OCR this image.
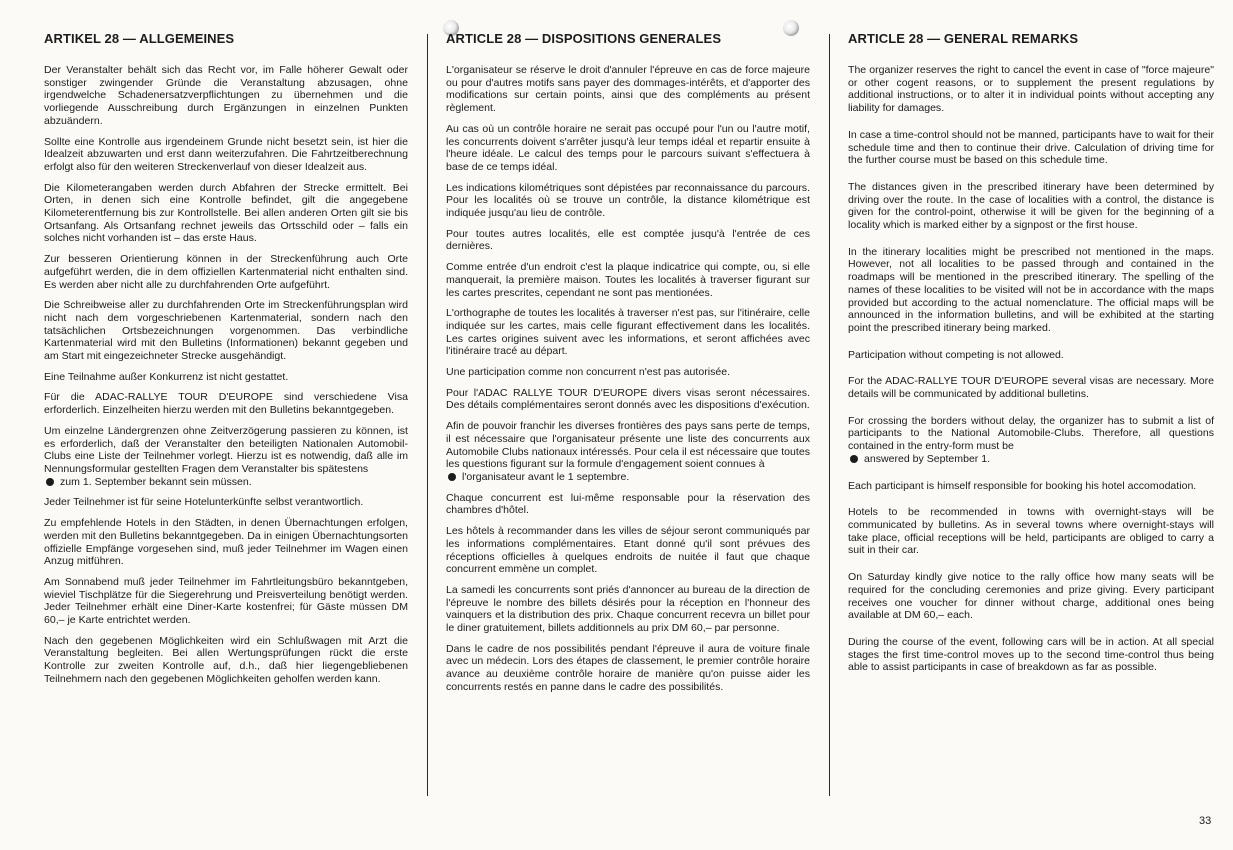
ARTIKEL 28 — ALLGEMEINES

Der Veranstalter behält sich das Recht vor, im Falle höherer Gewalt oder sonstiger zwingender Gründe die Veranstaltung abzusagen, ohne irgendwelche Schadenersatzverpflichtungen zu übernehmen und die vorliegende Ausschreibung durch Ergänzungen in einzelnen Punkten abzuändern.

Sollte eine Kontrolle aus irgendeinem Grunde nicht besetzt sein, ist hier die Idealzeit abzuwarten und erst dann weiterzufahren. Die Fahrtzeitberechnung erfolgt also für den weiteren Streckenverlauf von dieser Idealzeit aus.

Die Kilometerangaben werden durch Abfahren der Strecke ermittelt. Bei Orten, in denen sich eine Kontrolle befindet, gilt die angegebene Kilometerentfernung bis zur Kontrollstelle. Bei allen anderen Orten gilt sie bis Ortsanfang. Als Ortsanfang rechnet jeweils das Ortsschild oder – falls ein solches nicht vorhanden ist – das erste Haus.

Zur besseren Orientierung können in der Streckenführung auch Orte aufgeführt werden, die in dem offiziellen Kartenmaterial nicht enthalten sind. Es werden aber nicht alle zu durchfahrenden Orte aufgeführt.

Die Schreibweise aller zu durchfahrenden Orte im Streckenführungsplan wird nicht nach dem vorgeschriebenen Kartenmaterial, sondern nach den tatsächlichen Ortsbezeichnungen vorgenommen. Das verbindliche Kartenmaterial wird mit den Bulletins (Informationen) bekannt gegeben und am Start mit eingezeichneter Strecke ausgehändigt.

Eine Teilnahme außer Konkurrenz ist nicht gestattet.

Für die ADAC-RALLYE TOUR D'EUROPE sind verschiedene Visa erforderlich. Einzelheiten hierzu werden mit den Bulletins bekanntgegeben.

Um einzelne Ländergrenzen ohne Zeitverzögerung passieren zu können, ist es erforderlich, daß der Veranstalter den beteiligten Nationalen Automobil-Clubs eine Liste der Teilnehmer vorlegt. Hierzu ist es notwendig, daß alle im Nennungsformular gestellten Fragen dem Veranstalter bis spätestens
zum 1. September bekannt sein müssen.

Jeder Teilnehmer ist für seine Hotelunterkünfte selbst verantwortlich.

Zu empfehlende Hotels in den Städten, in denen Übernachtungen erfolgen, werden mit den Bulletins bekanntgegeben. Da in einigen Übernachtungsorten offizielle Empfänge vorgesehen sind, muß jeder Teilnehmer im Wagen einen Anzug mitführen.

Am Sonnabend muß jeder Teilnehmer im Fahrtleitungsbüro bekanntgeben, wieviel Tischplätze für die Siegerehrung und Preisverteilung benötigt werden. Jeder Teilnehmer erhält eine Diner-Karte kostenfrei; für Gäste müssen DM 60,– je Karte entrichtet werden.

Nach den gegebenen Möglichkeiten wird ein Schlußwagen mit Arzt die Veranstaltung begleiten. Bei allen Wertungsprüfungen rückt die erste Kontrolle zur zweiten Kontrolle auf, d.h., daß hier liegengebliebenen Teilnehmern nach den gegebenen Möglichkeiten geholfen werden kann.

ARTICLE 28 — DISPOSITIONS GENERALES

L'organisateur se réserve le droit d'annuler l'épreuve en cas de force majeure ou pour d'autres motifs sans payer des dommages-intérêts, et d'apporter des modifications sur certain points, ainsi que des compléments au présent règlement.

Au cas où un contrôle horaire ne serait pas occupé pour l'un ou l'autre motif, les concurrents doivent s'arrêter jusqu'à leur temps idéal et repartir ensuite à l'heure idéale. Le calcul des temps pour le parcours suivant s'effectuera à base de ce temps idéal.

Les indications kilométriques sont dépistées par reconnaissance du parcours. Pour les localités où se trouve un contrôle, la distance kilométrique est indiquée jusqu'au lieu de contrôle.

Pour toutes autres localités, elle est comptée jusqu'à l'entrée de ces dernières.

Comme entrée d'un endroit c'est la plaque indicatrice qui compte, ou, si elle manquerait, la première maison. Toutes les localités à traverser figurant sur les cartes prescrites, cependant ne sont pas mentionées.

L'orthographe de toutes les localités à traverser n'est pas, sur l'itinéraire, celle indiquée sur les cartes, mais celle figurant effectivement dans les localités. Les cartes origines suivent avec les informations, et seront affichées avec l'itinéraire tracé au départ.

Une participation comme non concurrent n'est pas autorisée.

Pour l'ADAC RALLYE TOUR D'EUROPE divers visas seront nécessaires. Des détails complémentaires seront donnés avec les dispositions d'exécution.

Afin de pouvoir franchir les diverses frontières des pays sans perte de temps, il est nécessaire que l'organisateur présente une liste des concurrents aux Automobile Clubs nationaux intéressés. Pour cela il est nécessaire que toutes les questions figurant sur la formule d'engagement soient connues à
l'organisateur avant le 1 septembre.

Chaque concurrent est lui-même responsable pour la réservation des chambres d'hôtel.

Les hôtels à recommander dans les villes de séjour seront communiqués par les informations complémentaires. Etant donné qu'il sont prévues des réceptions officielles à quelques endroits de nuitée il faut que chaque concurrent emmène un complet.

La samedi les concurrents sont priés d'annoncer au bureau de la direction de l'épreuve le nombre des billets désirés pour la réception en l'honneur des vainquers et la distribution des prix. Chaque concurrent recevra un billet pour le diner gratuitement, billets additionnels au prix DM 60,– par personne.

Dans le cadre de nos possibilités pendant l'épreuve il aura de voiture finale avec un médecin. Lors des étapes de classement, le premier contrôle horaire avance au deuxième contrôle horaire de manière qu'on puisse aider les concurrents restés en panne dans le cadre des possibilités.

ARTICLE 28 — GENERAL REMARKS

The organizer reserves the right to cancel the event in case of "force majeure" or other cogent reasons, or to supplement the present regulations by additional instructions, or to alter it in individual points without accepting any liability for damages.

In case a time-control should not be manned, participants have to wait for their schedule time and then to continue their drive. Calculation of driving time for the further course must be based on this schedule time.

The distances given in the prescribed itinerary have been determined by driving over the route. In the case of localities with a control, the distance is given for the control-point, otherwise it will be given for the beginning of a locality which is marked either by a signpost or the first house.

In the itinerary localities might be prescribed not mentioned in the maps. However, not all localities to be passed through and contained in the roadmaps will be mentioned in the prescribed itinerary. The spelling of the names of these localities to be visited will not be in accordance with the maps provided but according to the actual nomenclature. The official maps will be announced in the information bulletins, and will be exhibited at the starting point the prescribed itinerary being marked.

Participation without competing is not allowed.

For the ADAC-RALLYE TOUR D'EUROPE several visas are necessary. More details will be communicated by additional bulletins.

For crossing the borders without delay, the organizer has to submit a list of participants to the National Automobile-Clubs. Therefore, all questions contained in the entry-form must be
answered by September 1.

Each participant is himself responsible for booking his hotel accomodation.

Hotels to be recommended in towns with overnight-stays will be communicated by bulletins. As in several towns where overnight-stays will take place, official receptions will be held, participants are obliged to carry a suit in their car.

On Saturday kindly give notice to the rally office how many seats will be required for the concluding ceremonies and prize giving. Every participant receives one voucher for dinner without charge, additional ones being available at DM 60,– each.

During the course of the event, following cars will be in action. At all special stages the first time-control moves up to the second time-control thus being able to assist participants in case of breakdown as far as possible.

33
